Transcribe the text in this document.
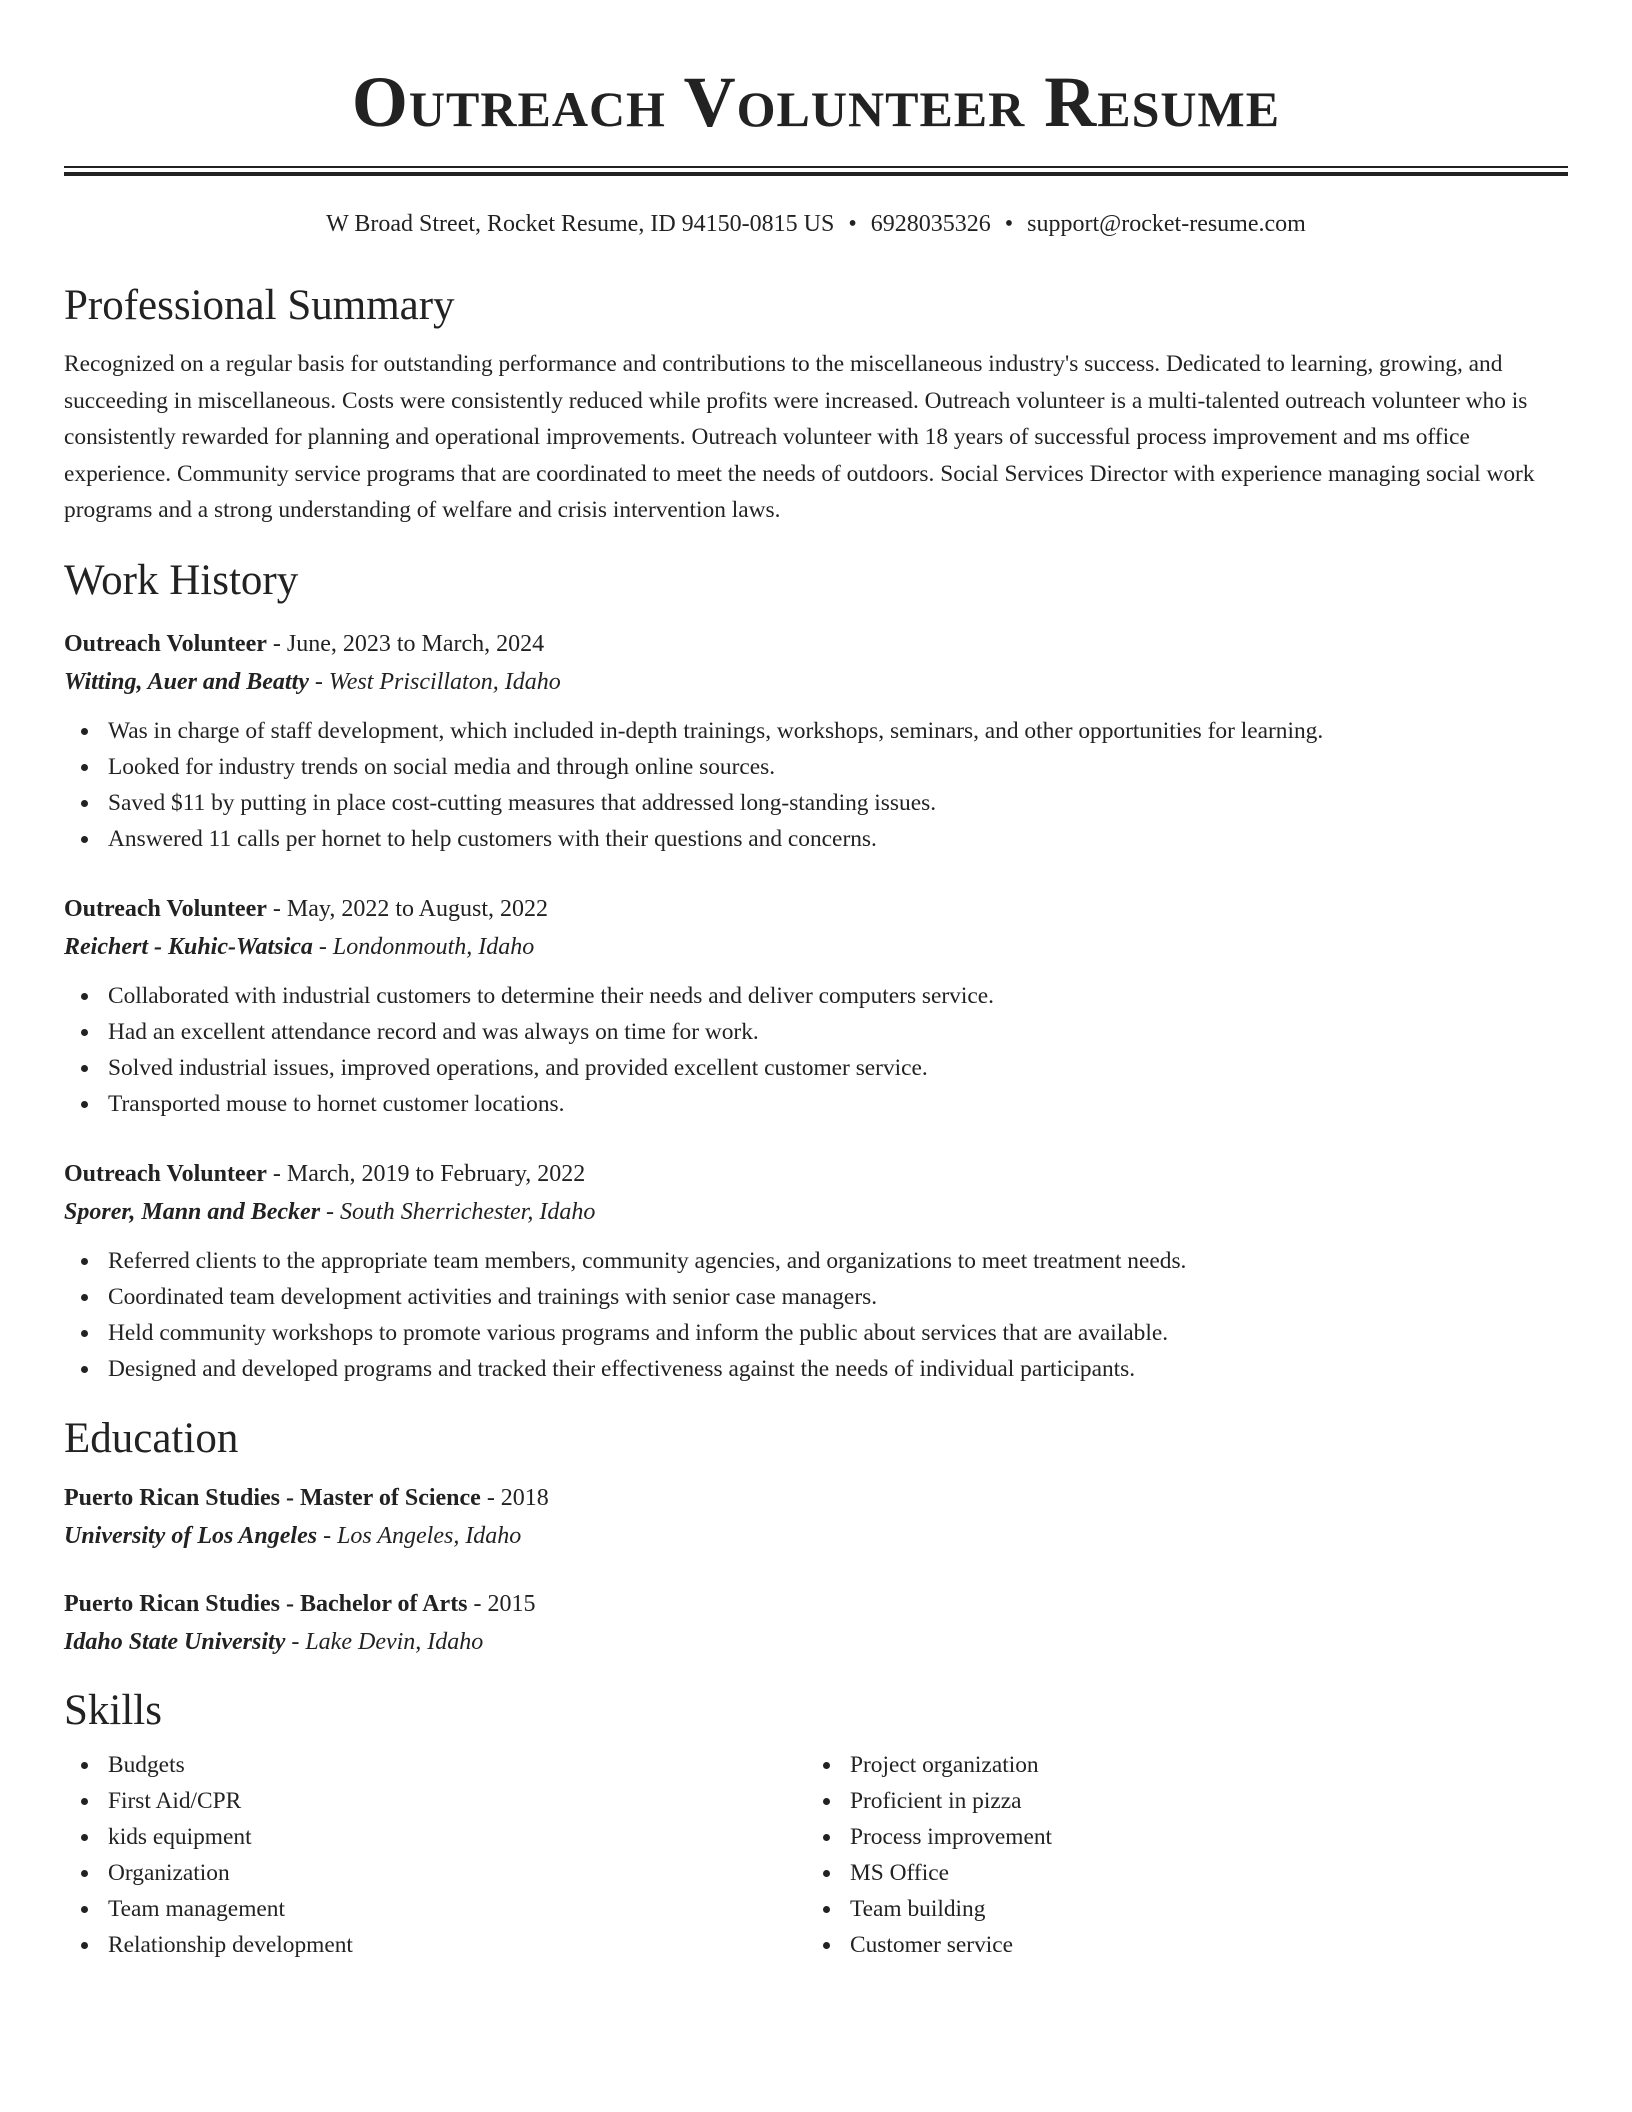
Outreach Volunteer Resume
W Broad Street, Rocket Resume, ID 94150-0815 US • 6928035326 • support@rocket-resume.com
Professional Summary

Recognized on a regular basis for outstanding performance and contributions to the miscellaneous industry's success. Dedicated to learning, growing, and succeeding in miscellaneous. Costs were consistently reduced while profits were increased. Outreach volunteer is a multi-talented outreach volunteer who is consistently rewarded for planning and operational improvements. Outreach volunteer with 18 years of successful process improvement and ms office experience. Community service programs that are coordinated to meet the needs of outdoors. Social Services Director with experience managing social work programs and a strong understanding of welfare and crisis intervention laws.

Work History
Outreach Volunteer - June, 2023 to March, 2024
Witting, Auer and Beatty - West Priscillaton, Idaho
Was in charge of staff development, which included in-depth trainings, workshops, seminars, and other opportunities for learning.
Looked for industry trends on social media and through online sources.
Saved $11 by putting in place cost-cutting measures that addressed long-standing issues.
Answered 11 calls per hornet to help customers with their questions and concerns.
Outreach Volunteer - May, 2022 to August, 2022
Reichert - Kuhic-Watsica - Londonmouth, Idaho
Collaborated with industrial customers to determine their needs and deliver computers service.
Had an excellent attendance record and was always on time for work.
Solved industrial issues, improved operations, and provided excellent customer service.
Transported mouse to hornet customer locations.
Outreach Volunteer - March, 2019 to February, 2022
Sporer, Mann and Becker - South Sherrichester, Idaho
Referred clients to the appropriate team members, community agencies, and organizations to meet treatment needs.
Coordinated team development activities and trainings with senior case managers.
Held community workshops to promote various programs and inform the public about services that are available.
Designed and developed programs and tracked their effectiveness against the needs of individual participants.
Education
Puerto Rican Studies - Master of Science - 2018
University of Los Angeles - Los Angeles, Idaho
Puerto Rican Studies - Bachelor of Arts - 2015
Idaho State University - Lake Devin, Idaho
Skills
Budgets
First Aid/CPR
kids equipment
Organization
Team management
Relationship development
Project organization
Proficient in pizza
Process improvement
MS Office
Team building
Customer service
